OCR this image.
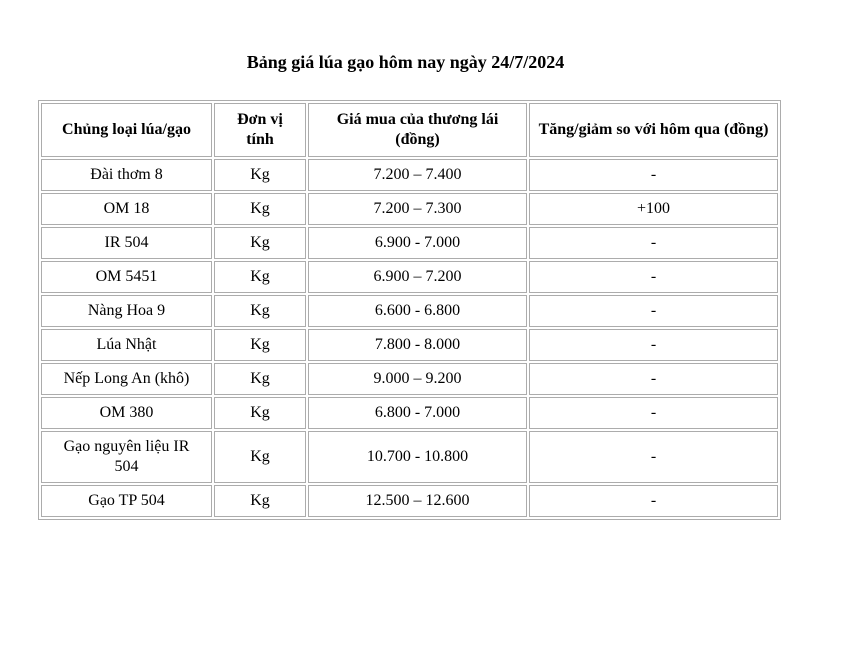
Bảng giá lúa gạo hôm nay ngày 24/7/2024
Chủng loại lúa/gạo	Đơn vị tính	Giá mua của thương lái (đồng)	Tăng/giảm so với hôm qua (đồng)
Đài thơm 8	Kg	7.200 – 7.400	-
OM 18	Kg	7.200 – 7.300	+100
IR 504	Kg	6.900 - 7.000	-
OM 5451	Kg	6.900 – 7.200	-
Nàng Hoa 9	Kg	6.600 - 6.800	-
Lúa Nhật	Kg	7.800 - 8.000	-
Nếp Long An (khô)	Kg	9.000 – 9.200	-
OM 380	Kg	6.800 - 7.000	-
Gạo nguyên liệu IR 504	Kg	10.700 - 10.800	-
Gạo TP 504	Kg	12.500 – 12.600	-
